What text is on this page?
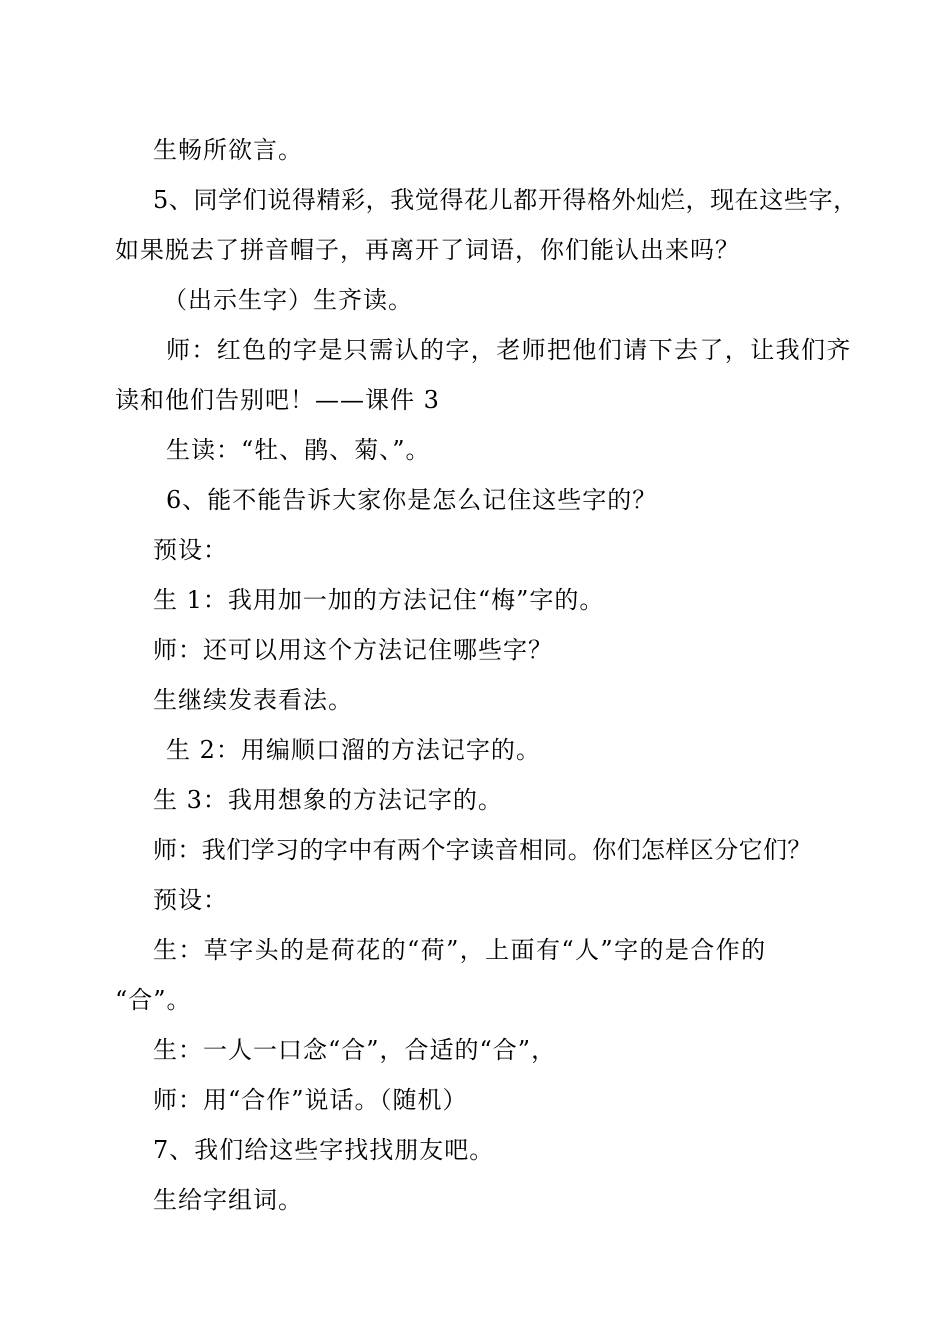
生畅所欲言。
5、同学们说得精彩，我觉得花儿都开得格外灿烂，现在这些字，
如果脱去了拼音帽子，再离开了词语，你们能认出来吗？
（出示生字）生齐读。
师：红色的字是只需认的字，老师把他们请下去了，让我们齐
读和他们告别吧！——课件 3
生读：“牡、鹃、菊、”。
6、能不能告诉大家你是怎么记住这些字的？
预设：
生 1：我用加一加的方法记住“梅”字的。
师：还可以用这个方法记住哪些字？
生继续发表看法。
生 2：用编顺口溜的方法记字的。
生 3：我用想象的方法记字的。
师：我们学习的字中有两个字读音相同。你们怎样区分它们？
预设：
生：草字头的是荷花的“荷”，上面有“人”字的是合作的
“合”。
生：一人一口念“合”，合适的“合”，
师：用“合作”说话。（随机）
7、我们给这些字找找朋友吧。
生给字组词。
